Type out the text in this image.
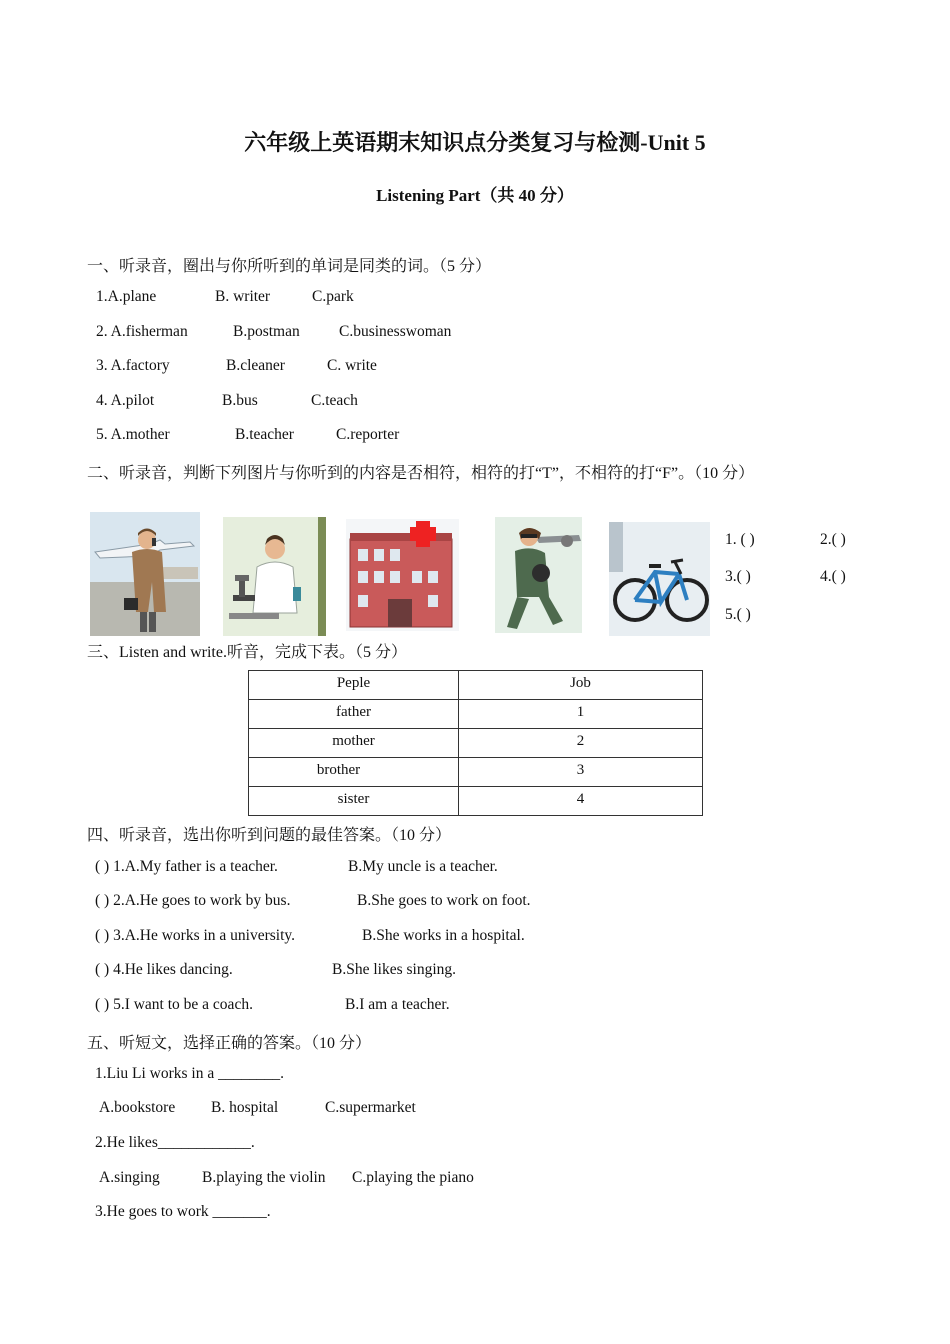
六年级上英语期末知识点分类复习与检测-Unit 5
Listening Part（共 40 分）
一、听录音，圈出与你所听到的单词是同类的词。（5 分）
1.A.plane	B. writer	C.park
2. A.fisherman	B.postman	C.businesswoman
3. A.factory	B.cleaner	C. write
4. A.pilot	B.bus	C.teach
5. A.mother	B.teacher	C.reporter
二、听录音，判断下列图片与你听到的内容是否相符，相符的打“T”，不相符的打“F”。（10 分）
1. ( )	2.( )
3.( )	4.( )
5.( )
三、Listen and write.听音，完成下表。（5 分）
Peple	Job
father	1
mother	2
brother	3
sister	4
四、听录音，选出你听到问题的最佳答案。（10 分）
( ) 1.A.My father is a teacher.	B.My uncle is a teacher.
( ) 2.A.He goes to work by bus.	B.She goes to work on foot.
( ) 3.A.He works in a university.	B.She works in a hospital.
( ) 4.He likes dancing.	B.She likes singing.
( ) 5.I want to be a coach.	B.I am a teacher.
五、听短文，选择正确的答案。（10 分）
1.Liu Li works in a ________.
A.bookstore B. hospital	C.supermarket
2.He likes____________.
A.singing	B.playing the violin C.playing the piano
3.He goes to work _______.
